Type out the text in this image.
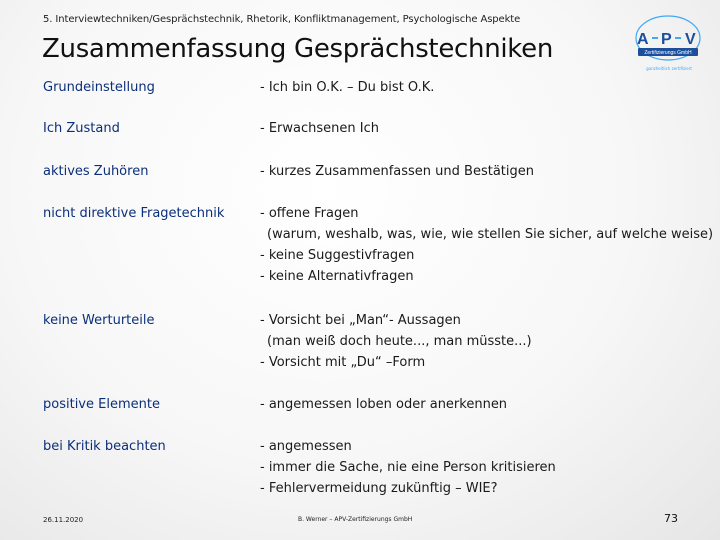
5. Interviewtechniken/Gesprächstechnik, Rhetorik, Konfliktmanagement, Psychologische Aspekte
Zusammenfassung Gesprächstechniken	A P V
Zertifizierungs GmbH
ganzheitlich zertifiziert
Grundeinstellung	- Ich bin O.K. – Du bist O.K.
Ich Zustand	- Erwachsenen Ich
aktives Zuhören	- kurzes Zusammenfassen und Bestätigen
nicht direktive Fragetechnik	- offene Fragen
(warum, weshalb, was, wie, wie stellen Sie sicher, auf welche weise)
- keine Suggestivfragen
- keine Alternativfragen
keine Werturteile	- Vorsicht bei „Man“- Aussagen
(man weiß doch heute..., man müsste...)
- Vorsicht mit „Du“ –Form
positive Elemente	- angemessen loben oder anerkennen
bei Kritik beachten	- angemessen
- immer die Sache, nie eine Person kritisieren
- Fehlervermeidung zukünftig – WIE?
26.11.2020	B. Werner – APV-Zertifizierungs GmbH	73
